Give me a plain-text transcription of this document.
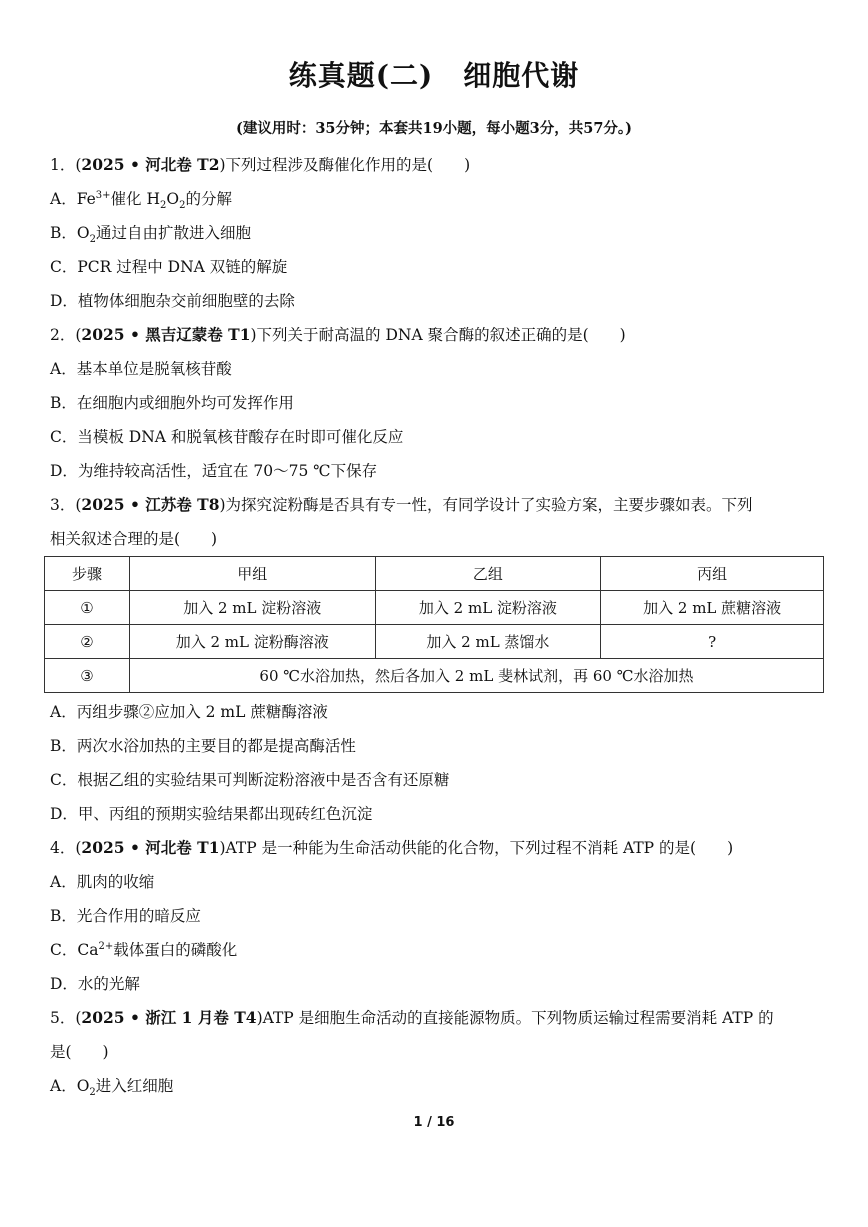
练真题(二) 细胞代谢
(建议用时：35分钟；本套共19小题，每小题3分，共57分。)
1．(2025 • 河北卷 T2)下列过程涉及酶催化作用的是(　　)
A．$Fe^{3+}$催化 $H_2O_2$的分解
B．$O_2$通过自由扩散进入细胞
C．PCR 过程中 DNA 双链的解旋
D．植物体细胞杂交前细胞壁的去除
2．(2025 • 黑吉辽蒙卷 T1)下列关于耐高温的 DNA 聚合酶的叙述正确的是(　　)
A．基本单位是脱氧核苷酸
B．在细胞内或细胞外均可发挥作用
C．当模板 DNA 和脱氧核苷酸存在时即可催化反应
D．为维持较高活性，适宜在 70～75 ℃下保存
3．(2025 • 江苏卷 T8)为探究淀粉酶是否具有专一性，有同学设计了实验方案，主要步骤如表。下列
相关叙述合理的是(　　)
步骤	甲组	乙组	丙组
①	加入 2 mL 淀粉溶液	加入 2 mL 淀粉溶液	加入 2 mL 蔗糖溶液
②	加入 2 mL 淀粉酶溶液	加入 2 mL 蒸馏水	?
③	60 ℃水浴加热，然后各加入 2 mL 斐林试剂，再 60 ℃水浴加热		
A．丙组步骤②应加入 2 mL 蔗糖酶溶液
B．两次水浴加热的主要目的都是提高酶活性
C．根据乙组的实验结果可判断淀粉溶液中是否含有还原糖
D．甲、丙组的预期实验结果都出现砖红色沉淀
4．(2025 • 河北卷 T1)ATP 是一种能为生命活动供能的化合物，下列过程不消耗 ATP 的是(　　)
A．肌肉的收缩
B．光合作用的暗反应
C．$Ca^{2+}$载体蛋白的磷酸化
D．水的光解
5．(2025 • 浙江 1 月卷 T4)ATP 是细胞生命活动的直接能源物质。下列物质运输过程需要消耗 ATP 的
是(　　)
A．$O_2$进入红细胞
1 / 16
